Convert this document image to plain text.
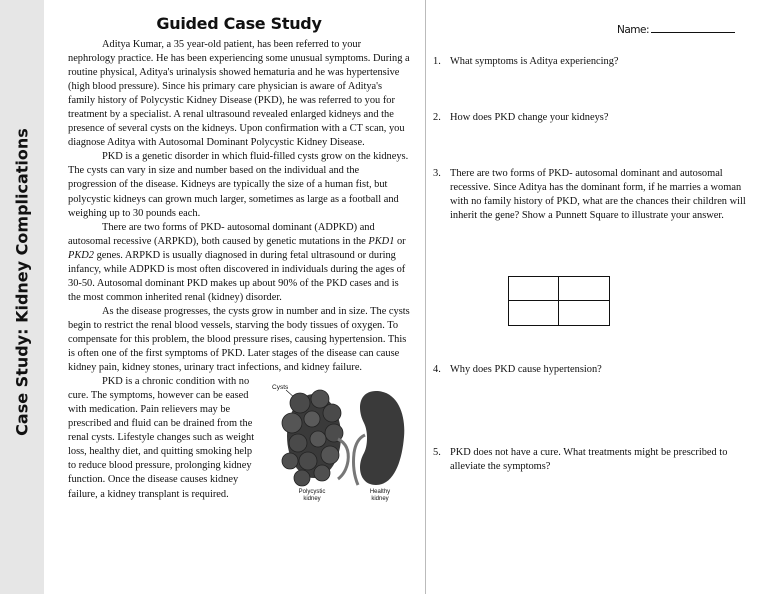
Case Study: Kidney Complications
Guided Case Study

Aditya Kumar, a 35 year-old patient, has been referred to your nephrology practice. He has been experiencing some unusual symptoms. During a routine physical, Aditya's urinalysis showed hematuria and he was hypertensive (high blood pressure). Since his primary care physician is aware of Aditya's family history of Polycystic Kidney Disease (PKD), he was referred to you for treatment by a specialist. A renal ultrasound revealed enlarged kidneys and the presence of several cysts on the kidneys. Upon confirmation with a CT scan, you diagnose Aditya with Autosomal Dominant Polycystic Kidney Disease.

PKD is a genetic disorder in which fluid-filled cysts grow on the kidneys. The cysts can vary in size and number based on the individual and the progression of the disease. Kidneys are typically the size of a human fist, but polycystic kidneys can grown much larger, sometimes as large as a football and weighing up to 30 pounds each.

There are two forms of PKD- autosomal dominant (ADPKD) and autosomal recessive (ARPKD), both caused by genetic mutations in the PKD1 or PKD2 genes. ARPKD is usually diagnosed in during fetal ultrasound or during infancy, while ADPKD is most often discovered in individuals during the ages of 30-50. Autosomal dominant PKD makes up about 90% of the PKD cases and is the most common inherited renal (kidney) disorder.

As the disease progresses, the cysts grow in number and in size. The cysts begin to restrict the renal blood vessels, starving the body tissues of oxygen. To compensate for this problem, the blood pressure rises, causing hypertension. This is often one of the first symptoms of PKD. Later stages of the disease can cause kidney pain, kidney stones, urinary tract infections, and kidney failure.

PKD is a chronic condition with no cure. The symptoms, however can be eased with medication. Pain relievers may be prescribed and fluid can be drained from the renal cysts. Lifestyle changes such as weight loss, healthy diet, and quitting smoking help to reduce blood pressure, prolonging kidney function. Once the disease causes kidney failure, a kidney transplant is required.

Cysts
Polycystic
kidney
Healthy
kidney
Name:
1. What symptoms is Aditya experiencing?
2. How does PKD change your kidneys?
3. There are two forms of PKD- autosomal dominant and autosomal recessive. Since Aditya has the dominant form, if he marries a woman with no family history of PKD, what are the chances their children will inherit the gene? Show a Punnett Square to illustrate your answer.
4. Why does PKD cause hypertension?
5. PKD does not have a cure. What treatments might be prescribed to alleviate the symptoms?
